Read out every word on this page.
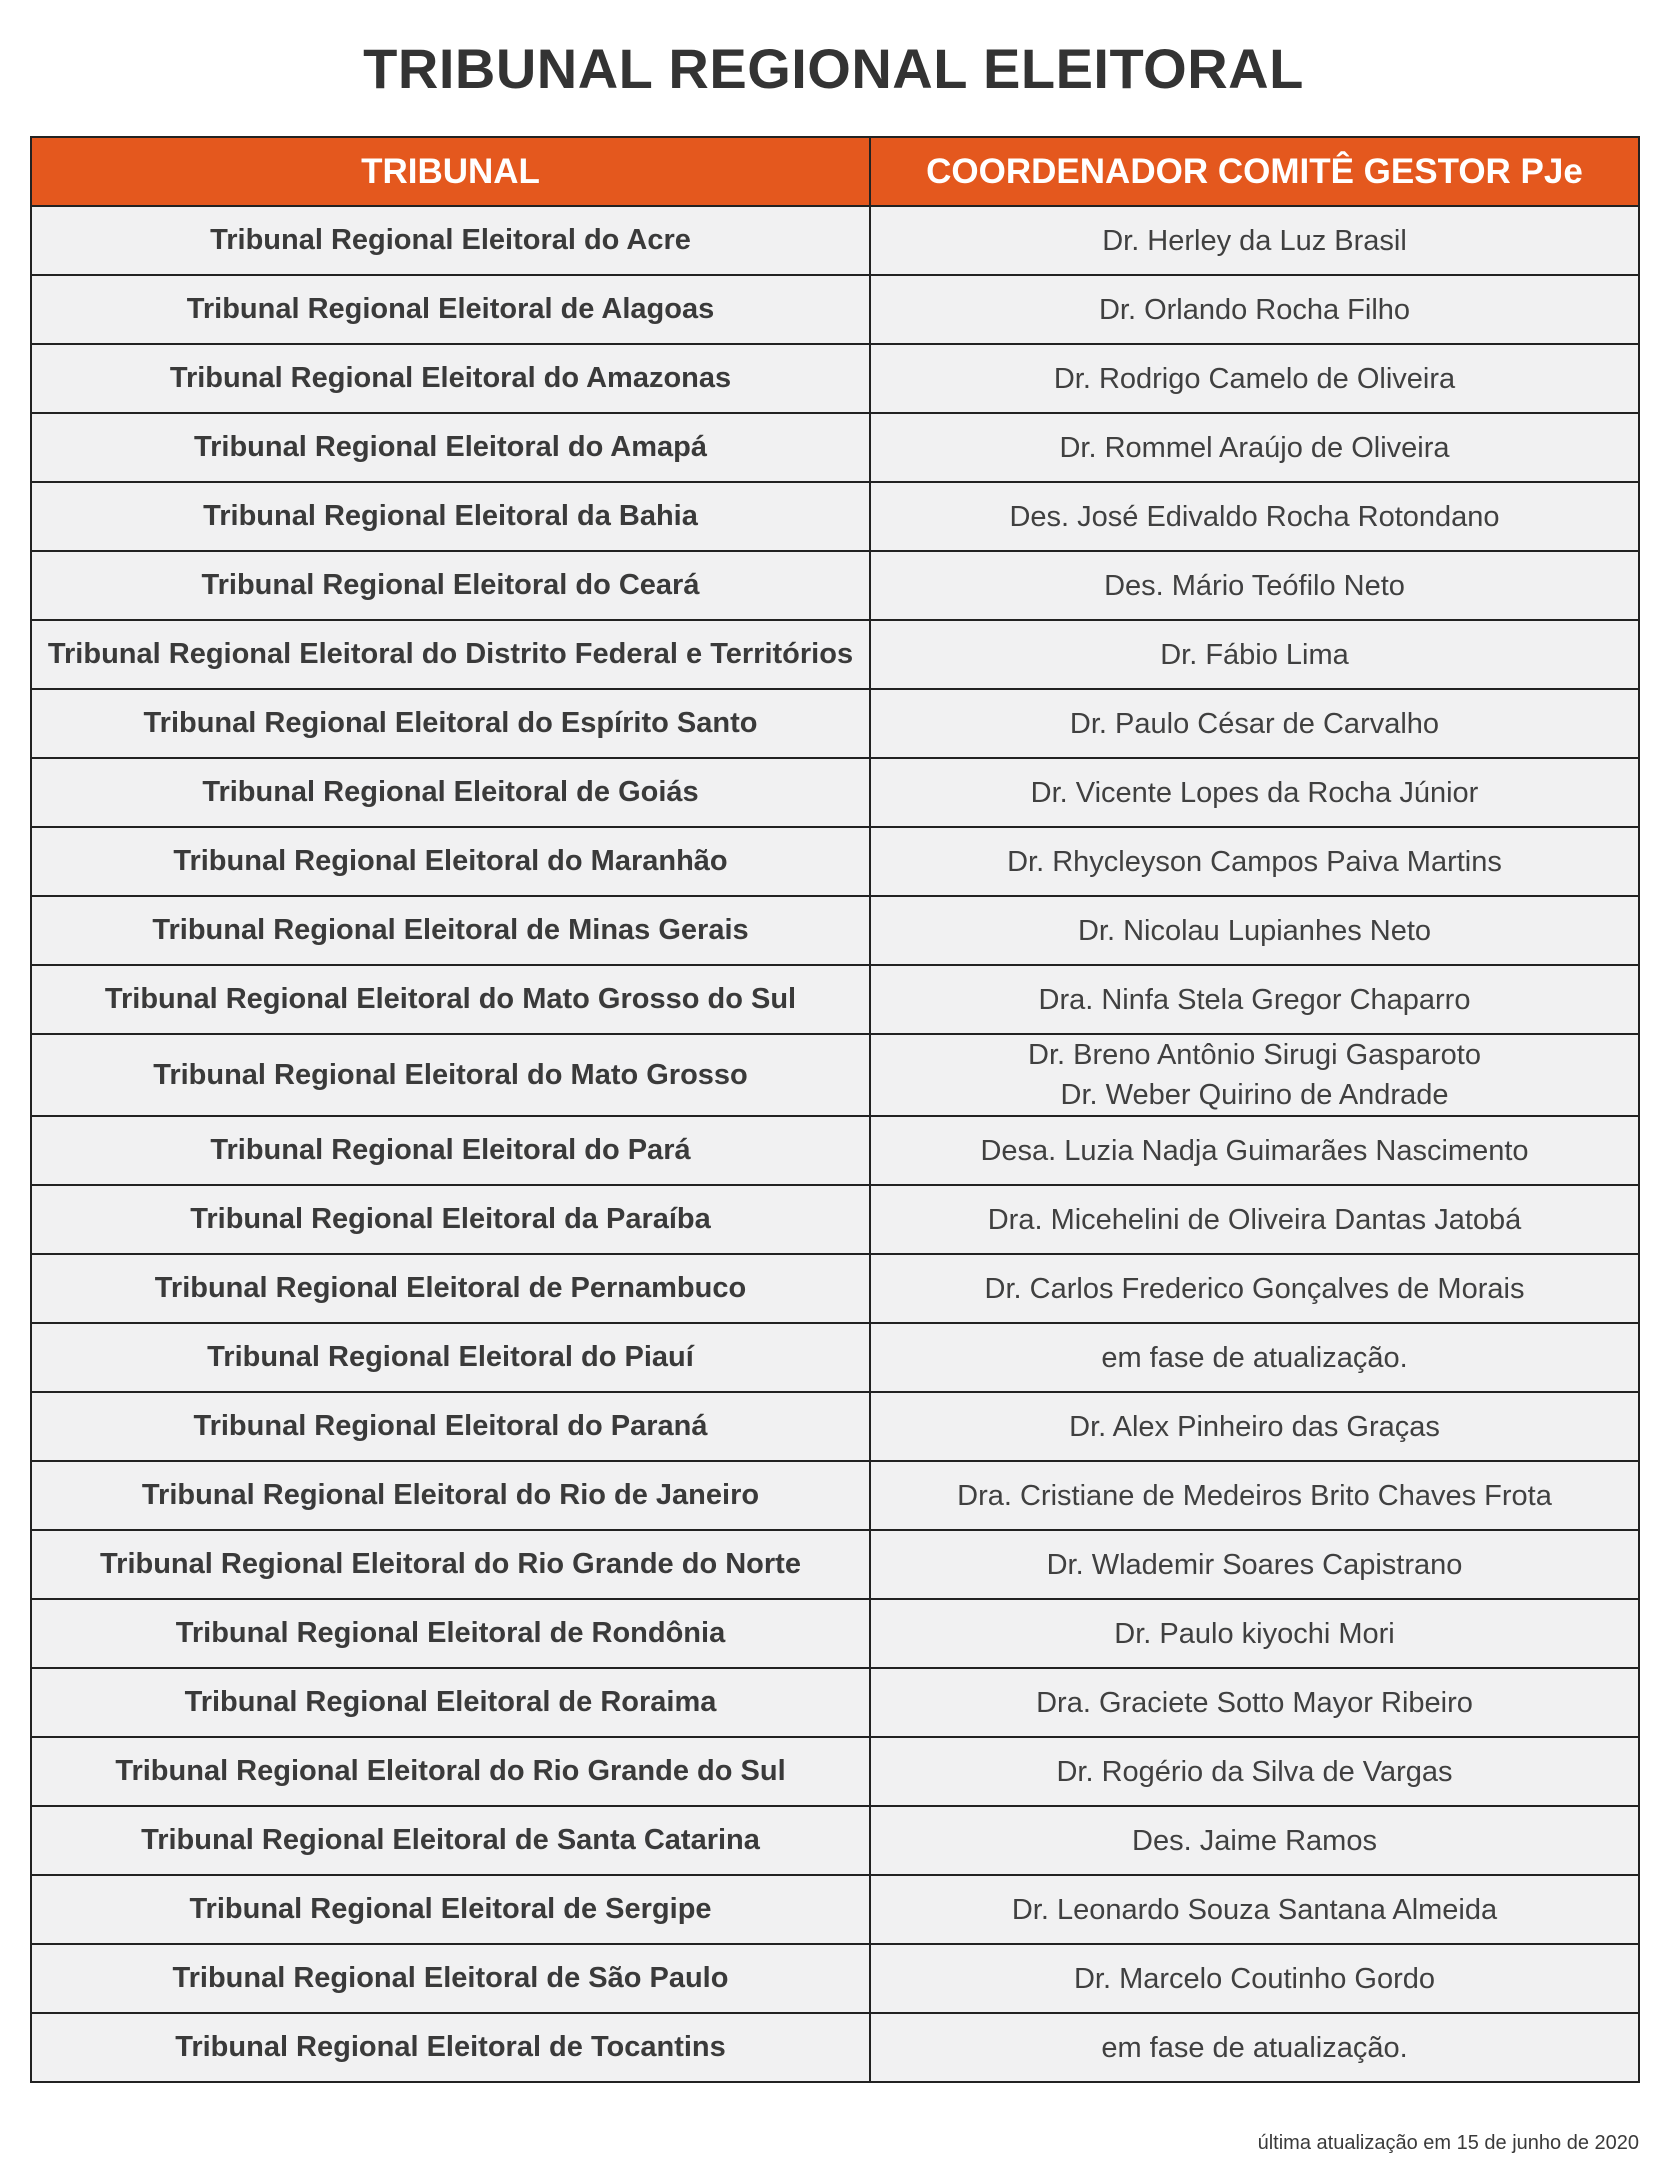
TRIBUNAL REGIONAL ELEITORAL
TRIBUNAL	COORDENADOR COMITÊ GESTOR PJe
Tribunal Regional Eleitoral do Acre	Dr. Herley da Luz Brasil

Tribunal Regional Eleitoral de Alagoas	Dr. Orlando Rocha Filho

Tribunal Regional Eleitoral do Amazonas	Dr. Rodrigo Camelo de Oliveira

Tribunal Regional Eleitoral do Amapá	Dr. Rommel Araújo de Oliveira

Tribunal Regional Eleitoral da Bahia	Des. José Edivaldo Rocha Rotondano

Tribunal Regional Eleitoral do Ceará	Des. Mário Teófilo Neto

Tribunal Regional Eleitoral do Distrito Federal e Territórios	Dr. Fábio Lima

Tribunal Regional Eleitoral do Espírito Santo	Dr. Paulo César de Carvalho

Tribunal Regional Eleitoral de Goiás	Dr. Vicente Lopes da Rocha Júnior

Tribunal Regional Eleitoral do Maranhão	Dr. Rhycleyson Campos Paiva Martins

Tribunal Regional Eleitoral de Minas Gerais	Dr. Nicolau Lupianhes Neto

Tribunal Regional Eleitoral do Mato Grosso do Sul	Dra. Ninfa Stela Gregor Chaparro

Tribunal Regional Eleitoral do Mato Grosso	Dr. Breno Antônio Sirugi Gasparoto
Dr. Weber Quirino de Andrade

Tribunal Regional Eleitoral do Pará	Desa. Luzia Nadja Guimarães Nascimento

Tribunal Regional Eleitoral da Paraíba	Dra. Micehelini de Oliveira Dantas Jatobá

Tribunal Regional Eleitoral de Pernambuco	Dr. Carlos Frederico Gonçalves de Morais

Tribunal Regional Eleitoral do Piauí	em fase de atualização.

Tribunal Regional Eleitoral do Paraná	Dr. Alex Pinheiro das Graças

Tribunal Regional Eleitoral do Rio de Janeiro	Dra. Cristiane de Medeiros Brito Chaves Frota

Tribunal Regional Eleitoral do Rio Grande do Norte	Dr. Wlademir Soares Capistrano

Tribunal Regional Eleitoral de Rondônia	Dr. Paulo kiyochi Mori

Tribunal Regional Eleitoral de Roraima	Dra. Graciete Sotto Mayor Ribeiro

Tribunal Regional Eleitoral do Rio Grande do Sul	Dr. Rogério da Silva de Vargas

Tribunal Regional Eleitoral de Santa Catarina	Des. Jaime Ramos

Tribunal Regional Eleitoral de Sergipe	Dr. Leonardo Souza Santana Almeida

Tribunal Regional Eleitoral de São Paulo	Dr. Marcelo Coutinho Gordo

Tribunal Regional Eleitoral de Tocantins	em fase de atualização.
última atualização em 15 de junho de 2020
